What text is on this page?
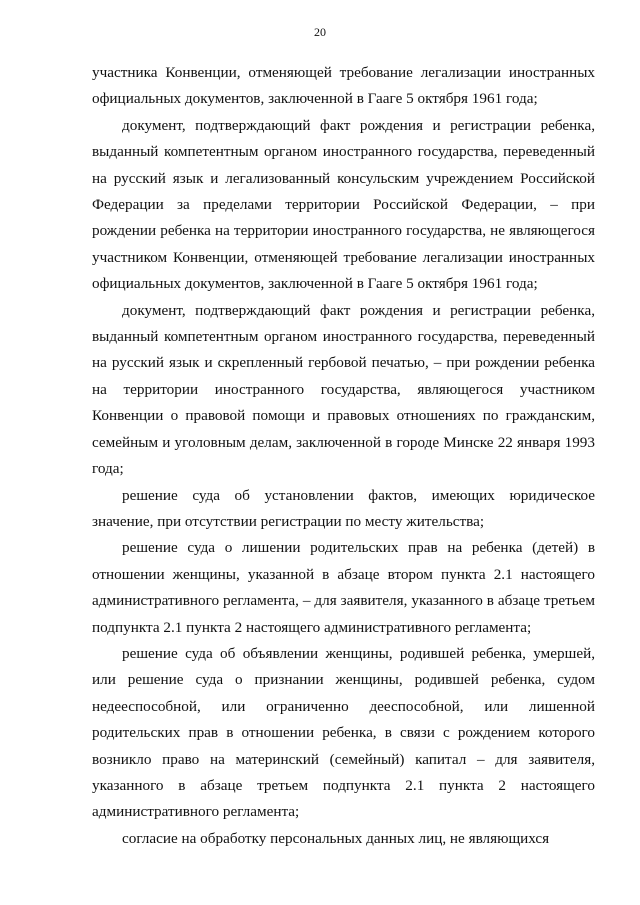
20

участника Конвенции, отменяющей требование легализации иностранных официальных документов, заключенной в Гааге 5 октября 1961 года;

документ, подтверждающий факт рождения и регистрации ребенка, выданный компетентным органом иностранного государства, переведенный на русский язык и легализованный консульским учреждением Российской Федерации за пределами территории Российской Федерации, – при рождении ребенка на территории иностранного государства, не являющегося участником Конвенции, отменяющей требование легализации иностранных официальных документов, заключенной в Гааге 5 октября 1961 года;

документ, подтверждающий факт рождения и регистрации ребенка, выданный компетентным органом иностранного государства, переведенный на русский язык и скрепленный гербовой печатью, – при рождении ребенка на территории иностранного государства, являющегося участником Конвенции о правовой помощи и правовых отношениях по гражданским, семейным и уголовным делам, заключенной в городе Минске 22 января 1993 года;

решение суда об установлении фактов, имеющих юридическое значение, при отсутствии регистрации по месту жительства;

решение суда о лишении родительских прав на ребенка (детей) в отношении женщины, указанной в абзаце втором пункта 2.1 настоящего административного регламента, – для заявителя, указанного в абзаце третьем подпункта 2.1 пункта 2 настоящего административного регламента;

решение суда об объявлении женщины, родившей ребенка, умершей, или решение суда о признании женщины, родившей ребенка, судом недееспособной, или ограниченно дееспособной, или лишенной родительских прав в отношении ребенка, в связи с рождением которого возникло право на материнский (семейный) капитал – для заявителя, указанного в абзаце третьем подпункта 2.1 пункта 2 настоящего административного регламента;

согласие на обработку персональных данных лиц, не являющихся
